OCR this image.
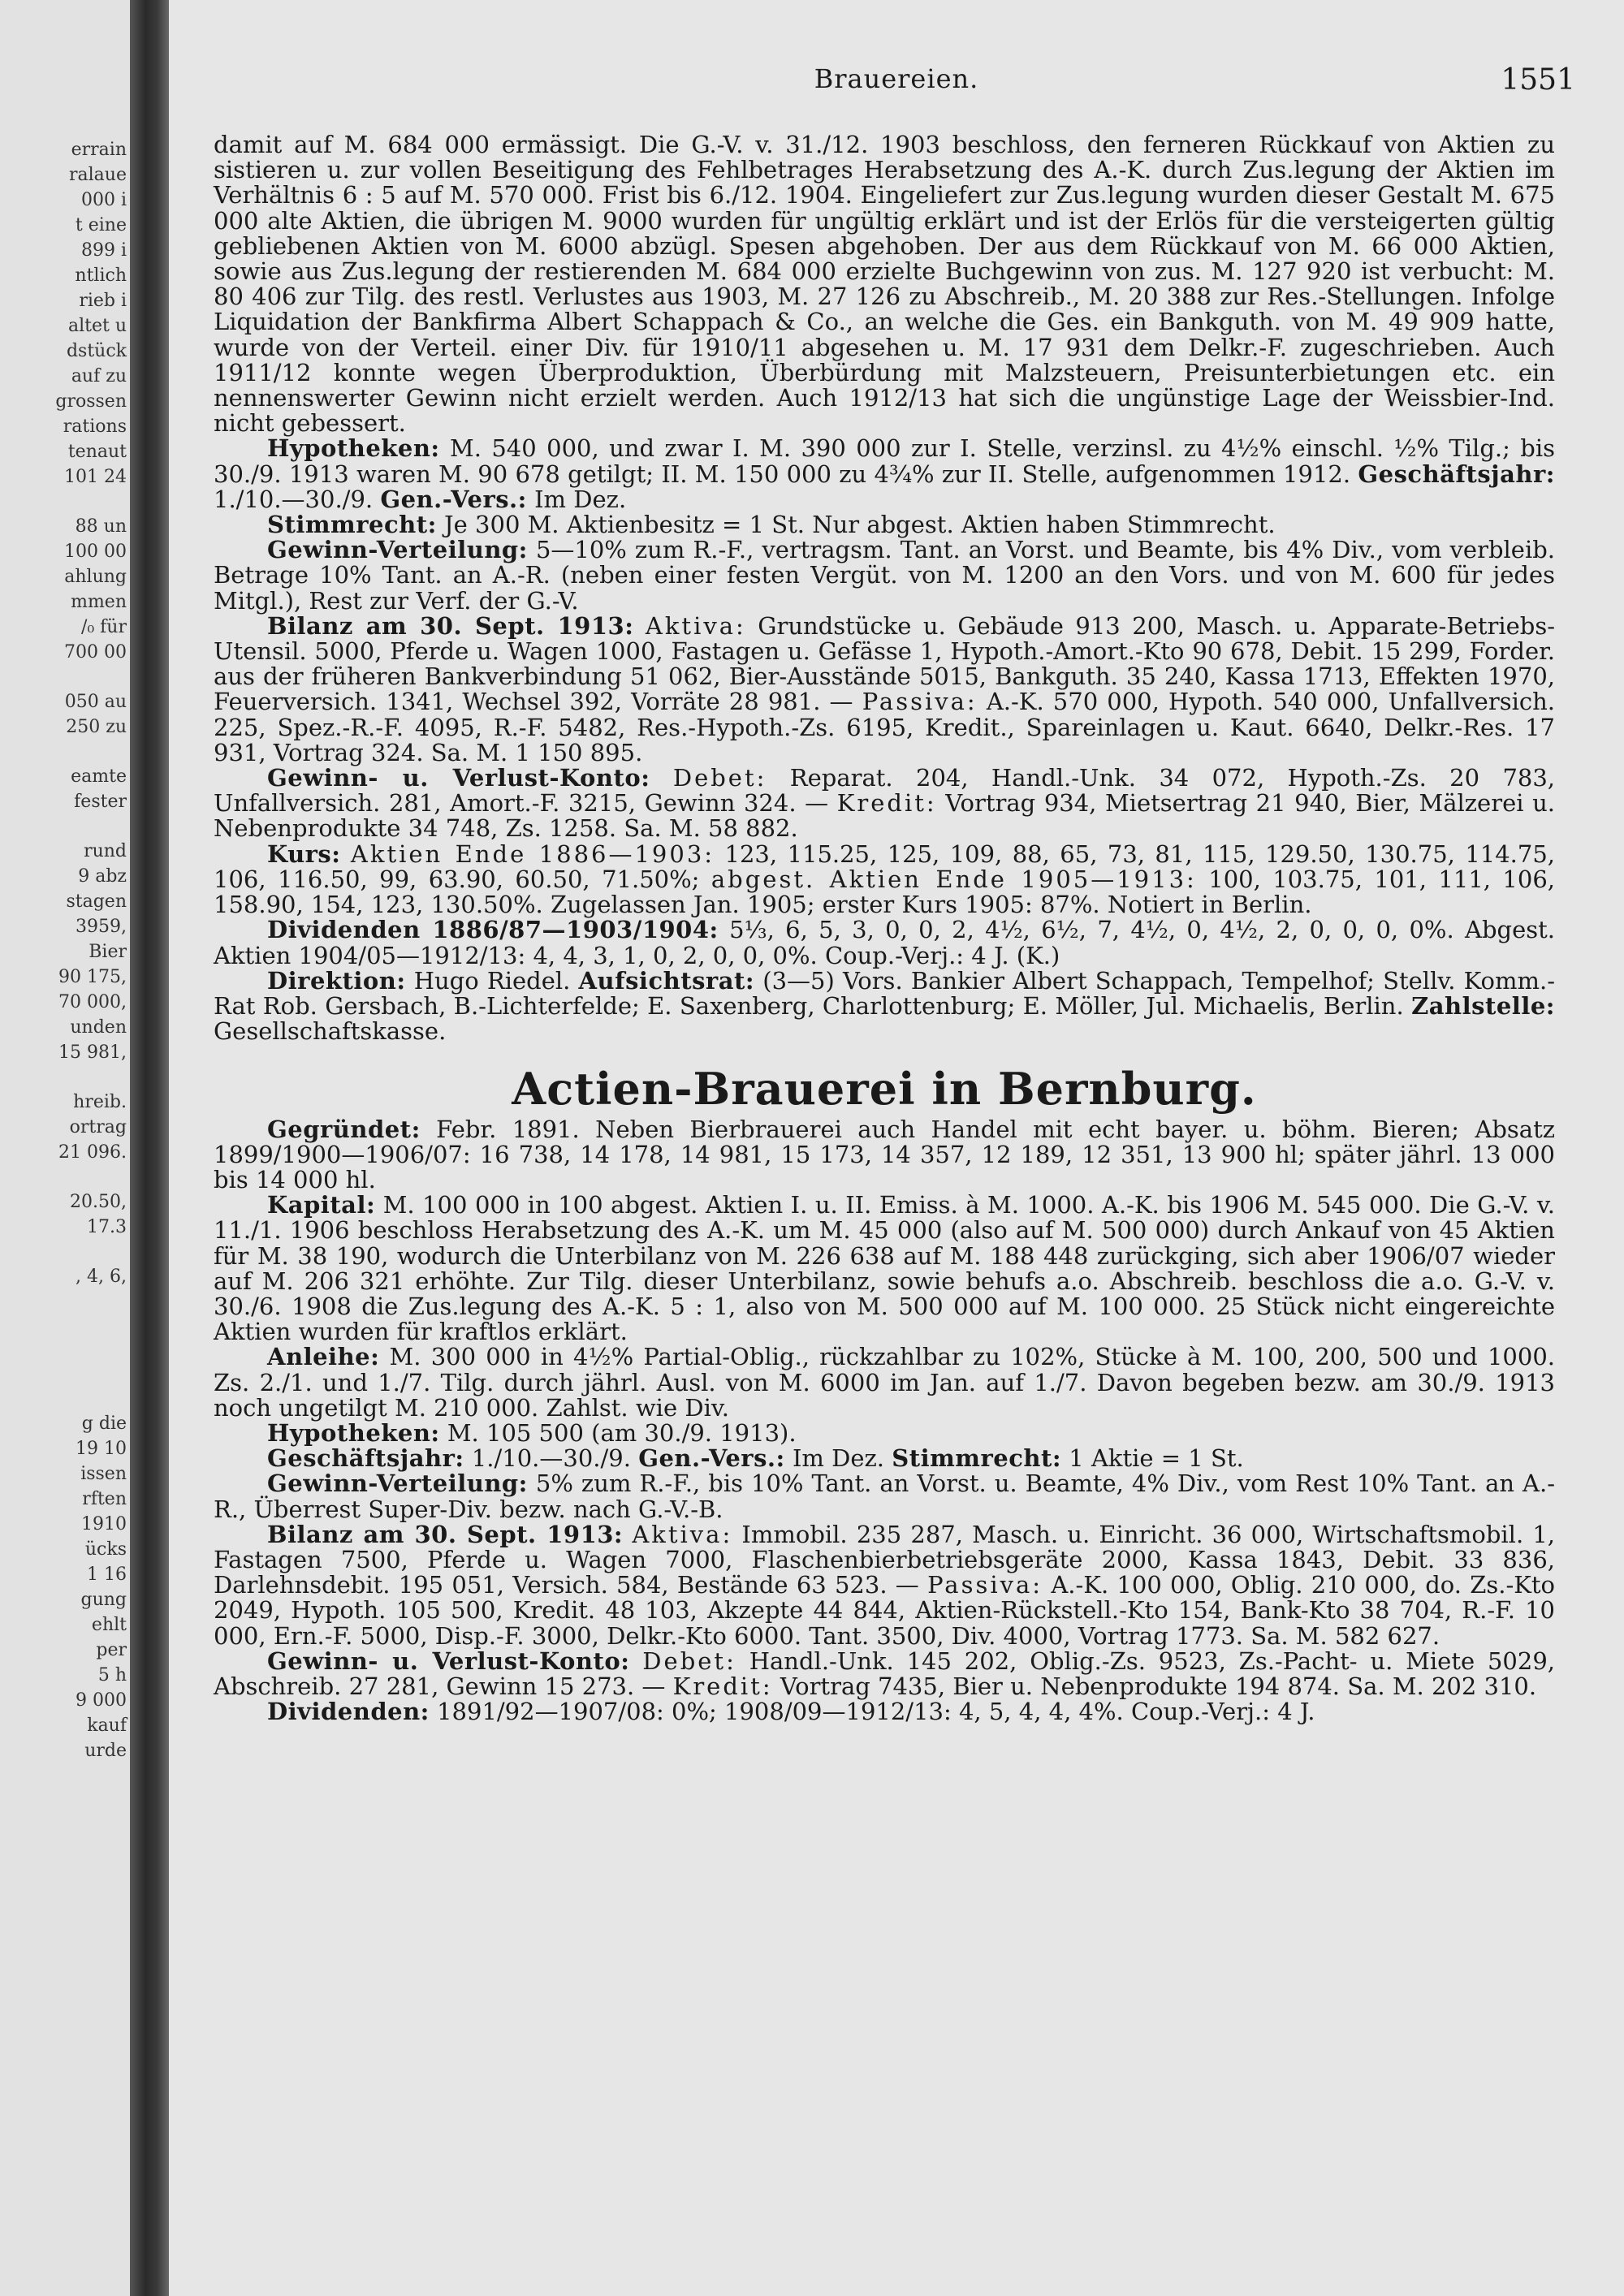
errain
ralaue
000 i
t eine
899 i
ntlich
rieb i
altet u
dstück
auf zu
grossen
rations
tenaut
101 24
88 un
100 00
ahlung
mmen
/₀ für
700 00
050 au
250 zu
eamte
fester
rund
9 abz
stagen
3959,
Bier
90 175,
70 000,
unden
15 981,
hreib.
ortrag
21 096.
20.50,
17.3
, 4, 6,
g die
19 10
issen
rften
1910
ücks
1 16
gung
ehlt
per
5 h
9 000
kauf
urde
Brauereien.	1551

damit auf M. 684 000 ermässigt. Die G.-V. v. 31./12. 1903 beschloss, den ferneren Rückkauf von Aktien zu sistieren u. zur vollen Beseitigung des Fehlbetrages Herabsetzung des A.-K. durch Zus.legung der Aktien im Verhältnis 6 : 5 auf M. 570 000. Frist bis 6./12. 1904. Eingeliefert zur Zus.legung wurden dieser Gestalt M. 675 000 alte Aktien, die übrigen M. 9000 wurden für ungültig erklärt und ist der Erlös für die versteigerten gültig gebliebenen Aktien von M. 6000 abzügl. Spesen abgehoben. Der aus dem Rückkauf von M. 66 000 Aktien, sowie aus Zus.legung der restierenden M. 684 000 erzielte Buchgewinn von zus. M. 127 920 ist verbucht: M. 80 406 zur Tilg. des restl. Verlustes aus 1903, M. 27 126 zu Abschreib., M. 20 388 zur Res.-Stellungen. Infolge Liquidation der Bankfirma Albert Schappach & Co., an welche die Ges. ein Bankguth. von M. 49 909 hatte, wurde von der Verteil. einer Div. für 1910/11 abgesehen u. M. 17 931 dem Delkr.-F. zugeschrieben. Auch 1911/12 konnte wegen Überproduktion, Überbürdung mit Malzsteuern, Preisunterbietungen etc. ein nennenswerter Gewinn nicht erzielt werden. Auch 1912/13 hat sich die ungünstige Lage der Weissbier-Ind. nicht gebessert.

Hypotheken: M. 540 000, und zwar I. M. 390 000 zur I. Stelle, verzinsl. zu 4½% einschl. ½% Tilg.; bis 30./9. 1913 waren M. 90 678 getilgt; II. M. 150 000 zu 4¾% zur II. Stelle, aufgenommen 1912. Geschäftsjahr: 1./10.—30./9. Gen.-Vers.: Im Dez.

Stimmrecht: Je 300 M. Aktienbesitz = 1 St. Nur abgest. Aktien haben Stimmrecht.

Gewinn-Verteilung: 5—10% zum R.-F., vertragsm. Tant. an Vorst. und Beamte, bis 4% Div., vom verbleib. Betrage 10% Tant. an A.-R. (neben einer festen Vergüt. von M. 1200 an den Vors. und von M. 600 für jedes Mitgl.), Rest zur Verf. der G.-V.

Bilanz am 30. Sept. 1913: Aktiva: Grundstücke u. Gebäude 913 200, Masch. u. Apparate-Betriebs-Utensil. 5000, Pferde u. Wagen 1000, Fastagen u. Gefässe 1, Hypoth.-Amort.-Kto 90 678, Debit. 15 299, Forder. aus der früheren Bankverbindung 51 062, Bier-Ausstände 5015, Bankguth. 35 240, Kassa 1713, Effekten 1970, Feuerversich. 1341, Wechsel 392, Vorräte 28 981. — Passiva: A.-K. 570 000, Hypoth. 540 000, Unfallversich. 225, Spez.-R.-F. 4095, R.-F. 5482, Res.-Hypoth.-Zs. 6195, Kredit., Spareinlagen u. Kaut. 6640, Delkr.-Res. 17 931, Vortrag 324. Sa. M. 1 150 895.

Gewinn- u. Verlust-Konto: Debet: Reparat. 204, Handl.-Unk. 34 072, Hypoth.-Zs. 20 783, Unfallversich. 281, Amort.-F. 3215, Gewinn 324. — Kredit: Vortrag 934, Mietsertrag 21 940, Bier, Mälzerei u. Nebenprodukte 34 748, Zs. 1258. Sa. M. 58 882.

Kurs: Aktien Ende 1886—1903: 123, 115.25, 125, 109, 88, 65, 73, 81, 115, 129.50, 130.75, 114.75, 106, 116.50, 99, 63.90, 60.50, 71.50%; abgest. Aktien Ende 1905—1913: 100, 103.75, 101, 111, 106, 158.90, 154, 123, 130.50%. Zugelassen Jan. 1905; erster Kurs 1905: 87%. Notiert in Berlin.

Dividenden 1886/87—1903/1904: 5⅓, 6, 5, 3, 0, 0, 2, 4½, 6½, 7, 4½, 0, 4½, 2, 0, 0, 0, 0%. Abgest. Aktien 1904/05—1912/13: 4, 4, 3, 1, 0, 2, 0, 0, 0%. Coup.-Verj.: 4 J. (K.)

Direktion: Hugo Riedel. Aufsichtsrat: (3—5) Vors. Bankier Albert Schappach, Tempelhof; Stellv. Komm.-Rat Rob. Gersbach, B.-Lichterfelde; E. Saxenberg, Charlottenburg; E. Möller, Jul. Michaelis, Berlin. Zahlstelle: Gesellschaftskasse.

Actien-Brauerei in Bernburg.

Gegründet: Febr. 1891. Neben Bierbrauerei auch Handel mit echt bayer. u. böhm. Bieren; Absatz 1899/1900—1906/07: 16 738, 14 178, 14 981, 15 173, 14 357, 12 189, 12 351, 13 900 hl; später jährl. 13 000 bis 14 000 hl.

Kapital: M. 100 000 in 100 abgest. Aktien I. u. II. Emiss. à M. 1000. A.-K. bis 1906 M. 545 000. Die G.-V. v. 11./1. 1906 beschloss Herabsetzung des A.-K. um M. 45 000 (also auf M. 500 000) durch Ankauf von 45 Aktien für M. 38 190, wodurch die Unterbilanz von M. 226 638 auf M. 188 448 zurückging, sich aber 1906/07 wieder auf M. 206 321 erhöhte. Zur Tilg. dieser Unterbilanz, sowie behufs a.o. Abschreib. beschloss die a.o. G.-V. v. 30./6. 1908 die Zus.legung des A.-K. 5 : 1, also von M. 500 000 auf M. 100 000. 25 Stück nicht eingereichte Aktien wurden für kraftlos erklärt.

Anleihe: M. 300 000 in 4½% Partial-Oblig., rückzahlbar zu 102%, Stücke à M. 100, 200, 500 und 1000. Zs. 2./1. und 1./7. Tilg. durch jährl. Ausl. von M. 6000 im Jan. auf 1./7. Davon begeben bezw. am 30./9. 1913 noch ungetilgt M. 210 000. Zahlst. wie Div.

Hypotheken: M. 105 500 (am 30./9. 1913).

Geschäftsjahr: 1./10.—30./9. Gen.-Vers.: Im Dez. Stimmrecht: 1 Aktie = 1 St.

Gewinn-Verteilung: 5% zum R.-F., bis 10% Tant. an Vorst. u. Beamte, 4% Div., vom Rest 10% Tant. an A.-R., Überrest Super-Div. bezw. nach G.-V.-B.

Bilanz am 30. Sept. 1913: Aktiva: Immobil. 235 287, Masch. u. Einricht. 36 000, Wirtschaftsmobil. 1, Fastagen 7500, Pferde u. Wagen 7000, Flaschenbierbetriebsgeräte 2000, Kassa 1843, Debit. 33 836, Darlehnsdebit. 195 051, Versich. 584, Bestände 63 523. — Passiva: A.-K. 100 000, Oblig. 210 000, do. Zs.-Kto 2049, Hypoth. 105 500, Kredit. 48 103, Akzepte 44 844, Aktien-Rückstell.-Kto 154, Bank-Kto 38 704, R.-F. 10 000, Ern.-F. 5000, Disp.-F. 3000, Delkr.-Kto 6000. Tant. 3500, Div. 4000, Vortrag 1773. Sa. M. 582 627.

Gewinn- u. Verlust-Konto: Debet: Handl.-Unk. 145 202, Oblig.-Zs. 9523, Zs.-Pacht- u. Miete 5029, Abschreib. 27 281, Gewinn 15 273. — Kredit: Vortrag 7435, Bier u. Nebenprodukte 194 874. Sa. M. 202 310.

Dividenden: 1891/92—1907/08: 0%; 1908/09—1912/13: 4, 5, 4, 4, 4%. Coup.-Verj.: 4 J.
